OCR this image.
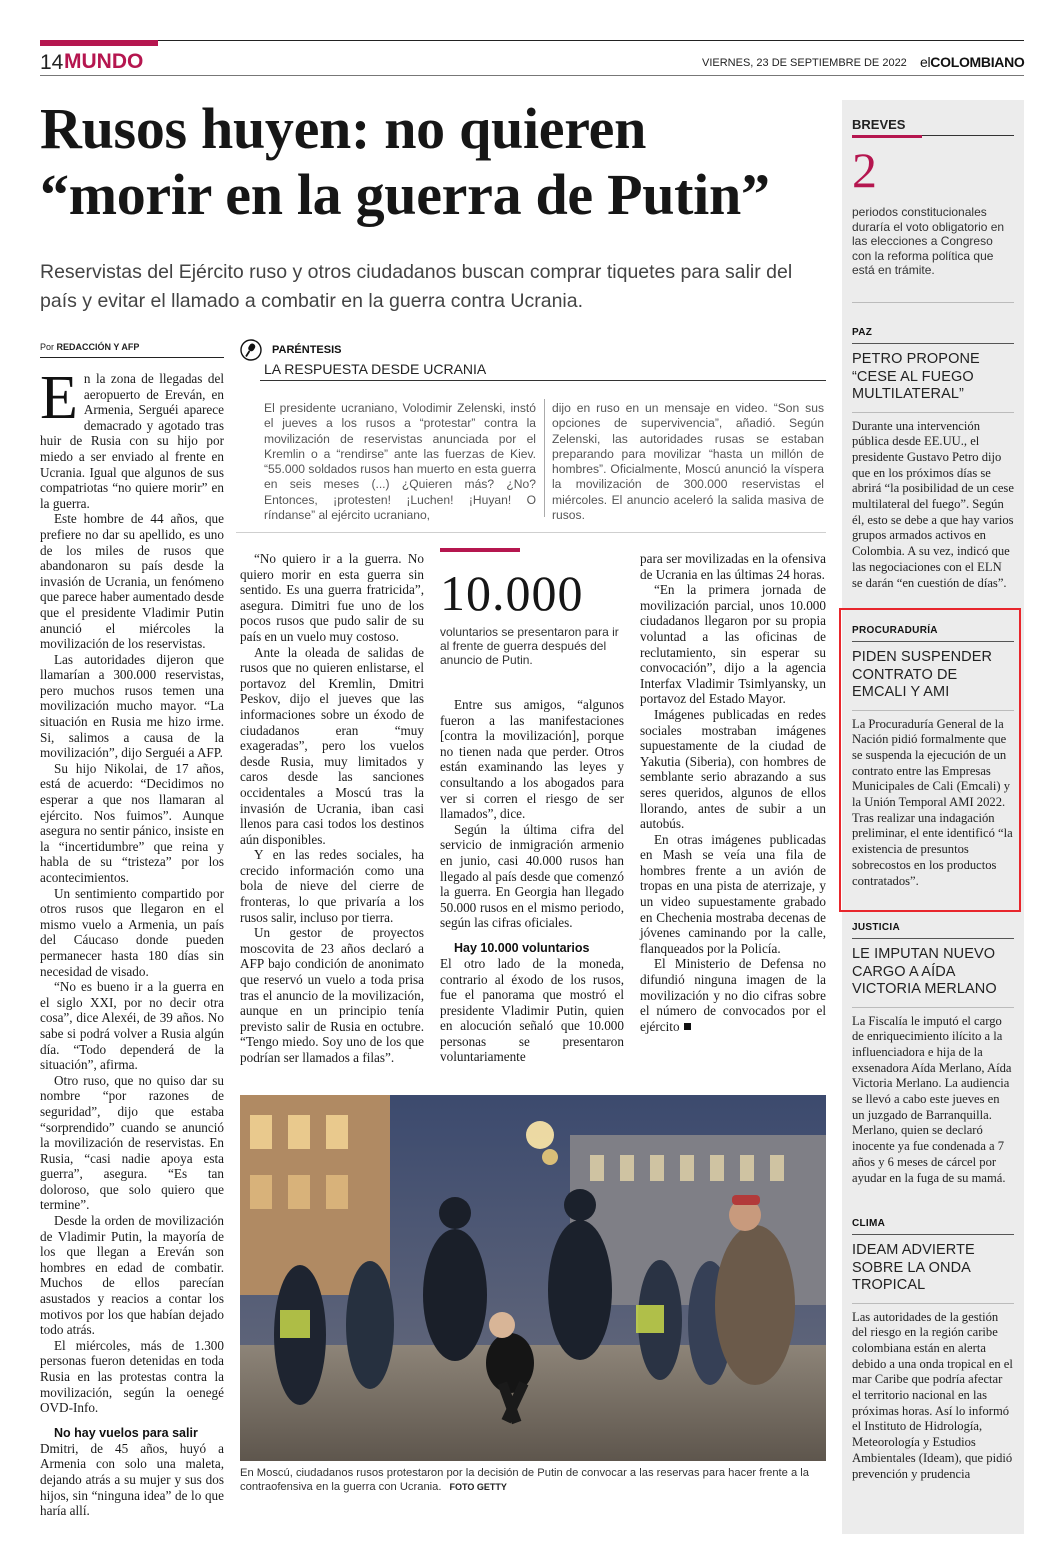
14 MUNDO	VIERNES, 23 DE SEPTIEMBRE DE 2022 elCOLOMBIANO
Rusos huyen: no quieren
“morir en la guerra de Putin”

Reservistas del Ejército ruso y otros ciudadanos buscan comprar tiquetes para salir del país y evitar el llamado a combatir en la guerra contra Ucrania.

Por REDACCIÓN Y AFP

En la zona de llegadas del aeropuerto de Ereván, en Armenia, Serguéi aparece demacrado y agotado tras huir de Rusia con su hijo por miedo a ser enviado al frente en Ucrania. Igual que algunos de sus compatriotas “no quiere morir” en la guerra.

Este hombre de 44 años, que prefiere no dar su apellido, es uno de los miles de rusos que abandonaron su país desde la invasión de Ucrania, un fenómeno que parece haber aumentado desde que el presidente Vladimir Putin anunció el miércoles la movilización de los reservistas.

Las autoridades dijeron que llamarían a 300.000 reservistas, pero muchos rusos temen una movilización mucho mayor. “La situación en Rusia me hizo irme. Si, salimos a causa de la movilización”, dijo Serguéi a AFP.

Su hijo Nikolai, de 17 años, está de acuerdo: “Decidimos no esperar a que nos llamaran al ejército. Nos fuimos”. Aunque asegura no sentir pánico, insiste en la “incertidumbre” que reina y habla de su “tristeza” por los acontecimientos.

Un sentimiento compartido por otros rusos que llegaron en el mismo vuelo a Armenia, un país del Cáucaso donde pueden permanecer hasta 180 días sin necesidad de visado.

“No es bueno ir a la guerra en el siglo XXI, por no decir otra cosa”, dice Alexéi, de 39 años. No sabe si podrá volver a Rusia algún día. “Todo dependerá de la situación”, afirma.

Otro ruso, que no quiso dar su nombre “por razones de seguridad”, dijo que estaba “sorprendido” cuando se anunció la movilización de reservistas. En Rusia, “casi nadie apoya esta guerra”, asegura. “Es tan doloroso, que solo quiero que termine”.

Desde la orden de movilización de Vladimir Putin, la mayoría de los que llegan a Ereván son hombres en edad de combatir. Muchos de ellos parecían asustados y reacios a contar los motivos por los que habían dejado todo atrás.

El miércoles, más de 1.300 personas fueron detenidas en toda Rusia en las protestas contra la movilización, según la oenegé OVD-Info.

No hay vuelos para salir

Dmitri, de 45 años, huyó a Armenia con solo una maleta, dejando atrás a su mujer y sus dos hijos, sin “ninguna idea” de lo que haría allí.

PARÉNTESIS
LA RESPUESTA DESDE UCRANIA

El presidente ucraniano, Volodimir Zelenski, instó el jueves a los rusos a “protestar” contra la movilización de reservistas anunciada por el Kremlin o a “rendirse” ante las fuerzas de Kiev. “55.000 soldados rusos han muerto en esta guerra en seis meses (...) ¿Quieren más? ¿No? Entonces, ¡protesten! ¡Luchen! ¡Huyan! O ríndanse” al ejército ucraniano,

dijo en ruso en un mensaje en video. “Son sus opciones de supervivencia”, añadió. Según Zelenski, las autoridades rusas se estaban preparando para movilizar “hasta un millón de hombres”. Oficialmente, Moscú anunció la víspera la movilización de 300.000 reservistas el miércoles. El anuncio aceleró la salida masiva de rusos.

“No quiero ir a la guerra. No quiero morir en esta guerra sin sentido. Es una guerra fratricida”, asegura. Dimitri fue uno de los pocos rusos que pudo salir de su país en un vuelo muy costoso.

Ante la oleada de salidas de rusos que no quieren enlistarse, el portavoz del Kremlin, Dmitri Peskov, dijo el jueves que las informaciones sobre un éxodo de ciudadanos eran “muy exageradas”, pero los vuelos desde Rusia, muy limitados y caros desde las sanciones occidentales a Moscú tras la invasión de Ucrania, iban casi llenos para casi todos los destinos aún disponibles.

Y en las redes sociales, ha crecido información como una bola de nieve del cierre de fronteras, lo que privaría a los rusos salir, incluso por tierra.

Un gestor de proyectos moscovita de 23 años declaró a AFP bajo condición de anonimato que reservó un vuelo a toda prisa tras el anuncio de la movilización, aunque en un principio tenía previsto salir de Rusia en octubre. “Tengo miedo. Soy uno de los que podrían ser llamados a filas”.

10.000
voluntarios se presentaron para ir al frente de guerra después del anuncio de Putin.

Entre sus amigos, “algunos fueron a las manifestaciones [contra la movilización], porque no tienen nada que perder. Otros están examinando las leyes y consultando a los abogados para ver si corren el riesgo de ser llamados”, dice.

Según la última cifra del servicio de inmigración armenio en junio, casi 40.000 rusos han llegado al país desde que comenzó la guerra. En Georgia han llegado 50.000 rusos en el mismo periodo, según las cifras oficiales.

Hay 10.000 voluntarios

El otro lado de la moneda, contrario al éxodo de los rusos, fue el panorama que mostró el presidente Vladimir Putin, quien en alocución señaló que 10.000 personas se presentaron voluntariamente

para ser movilizadas en la ofensiva de Ucrania en las últimas 24 horas.

“En la primera jornada de movilización parcial, unos 10.000 ciudadanos llegaron por su propia voluntad a las oficinas de reclutamiento, sin esperar su convocación”, dijo a la agencia Interfax Vladimir Tsimlyansky, un portavoz del Estado Mayor.

Imágenes publicadas en redes sociales mostraban imágenes supuestamente de la ciudad de Yakutia (Siberia), con hombres de semblante serio abrazando a sus seres queridos, algunos de ellos llorando, antes de subir a un autobús.

En otras imágenes publicadas en Mash se veía una fila de hombres frente a un avión de tropas en una pista de aterrizaje, y un video supuestamente grabado en Chechenia mostraba decenas de jóvenes caminando por la calle, flanqueados por la Policía.

El Ministerio de Defensa no difundió ninguna imagen de la movilización y no dio cifras sobre el número de convocados por el ejército

En Moscú, ciudadanos rusos protestaron por la decisión de Putin de convocar a las reservas para hacer frente a la contraofensiva en la guerra con Ucrania. FOTO GETTY

BREVES
2
periodos constitucionales duraría el voto obligatorio en las elecciones a Congreso con la reforma política que está en trámite.
PAZ
PETRO PROPONE “CESE AL FUEGO MULTILATERAL”
Durante una intervención pública desde EE.UU., el presidente Gustavo Petro dijo que en los próximos días se abrirá “la posibilidad de un cese multilateral del fuego”. Según él, esto se debe a que hay varios grupos armados activos en Colombia. A su vez, indicó que las negociaciones con el ELN se darán “en cuestión de días”.
PROCURADURÍA
PIDEN SUSPENDER CONTRATO DE EMCALI Y AMI
La Procuraduría General de la Nación pidió formalmente que se suspenda la ejecución de un contrato entre las Empresas Municipales de Cali (Emcali) y la Unión Temporal AMI 2022. Tras realizar una indagación preliminar, el ente identificó “la existencia de presuntos sobrecostos en los productos contratados”.
JUSTICIA
LE IMPUTAN NUEVO CARGO A AÍDA VICTORIA MERLANO
La Fiscalía le imputó el cargo de enriquecimiento ilícito a la influenciadora e hija de la exsenadora Aída Merlano, Aída Victoria Merlano. La audiencia se llevó a cabo este jueves en un juzgado de Barranquilla. Merlano, quien se declaró inocente ya fue condenada a 7 años y 6 meses de cárcel por ayudar en la fuga de su mamá.
CLIMA
IDEAM ADVIERTE SOBRE LA ONDA TROPICAL
Las autoridades de la gestión del riesgo en la región caribe colombiana están en alerta debido a una onda tropical en el mar Caribe que podría afectar el territorio nacional en las próximas horas. Así lo informó el Instituto de Hidrología, Meteorología y Estudios Ambientales (Ideam), que pidió prevención y prudencia
